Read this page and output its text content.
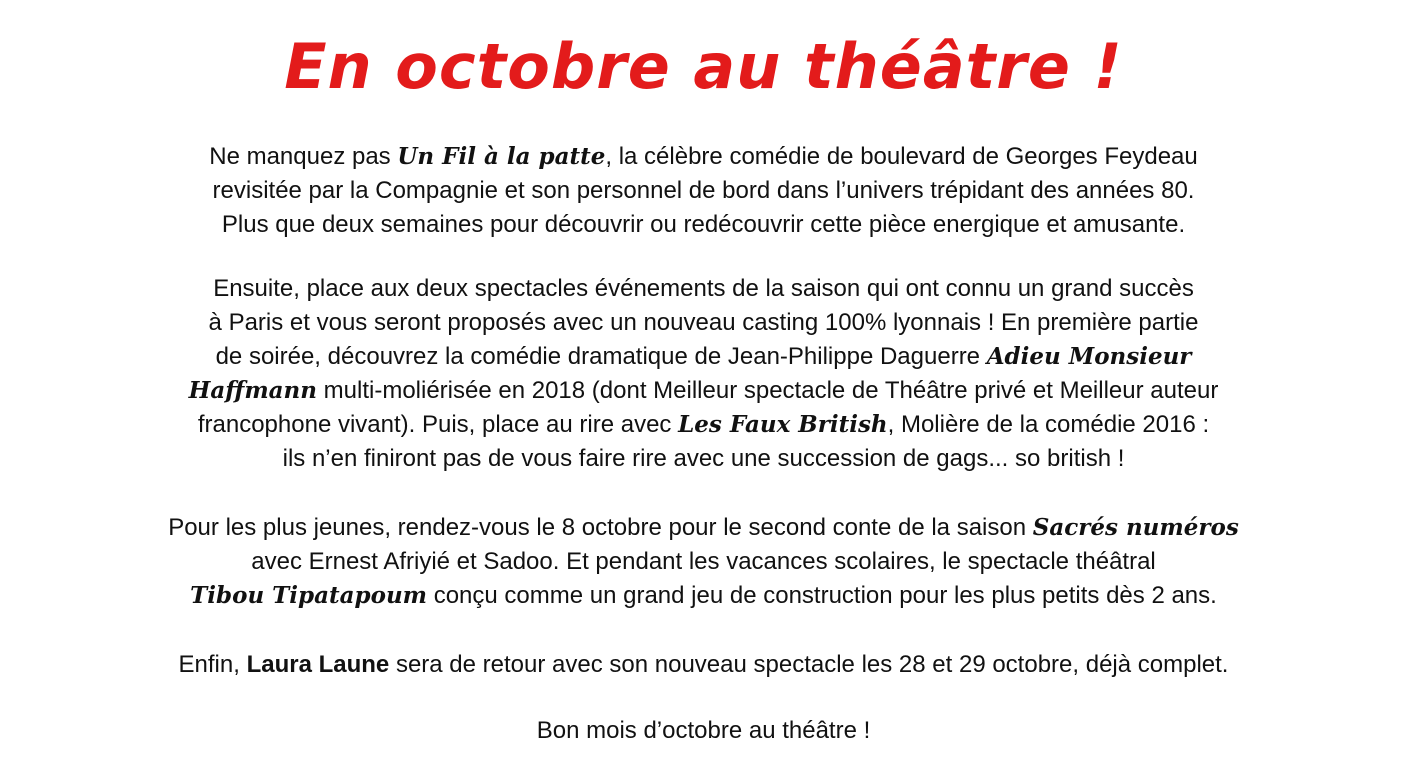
En octobre au théâtre !

Ne manquez pas Un Fil à la patte, la célèbre comédie de boulevard de Georges Feydeau
revisitée par la Compagnie et son personnel de bord dans l’univers trépidant des années 80.
Plus que deux semaines pour découvrir ou redécouvrir cette pièce energique et amusante.

Ensuite, place aux deux spectacles événements de la saison qui ont connu un grand succès
à Paris et vous seront proposés avec un nouveau casting 100% lyonnais ! En première partie
de soirée, découvrez la comédie dramatique de Jean-Philippe Daguerre Adieu Monsieur
Haffmann multi-moliérisée en 2018 (dont Meilleur spectacle de Théâtre privé et Meilleur auteur
francophone vivant). Puis, place au rire avec Les Faux British, Molière de la comédie 2016 :
ils n’en finiront pas de vous faire rire avec une succession de gags... so british !

Pour les plus jeunes, rendez-vous le 8 octobre pour le second conte de la saison Sacrés numéros
avec Ernest Afriyié et Sadoo. Et pendant les vacances scolaires, le spectacle théâtral
Tibou Tipatapoum conçu comme un grand jeu de construction pour les plus petits dès 2 ans.

Enfin, Laura Laune sera de retour avec son nouveau spectacle les 28 et 29 octobre, déjà complet.

Bon mois d’octobre au théâtre !
